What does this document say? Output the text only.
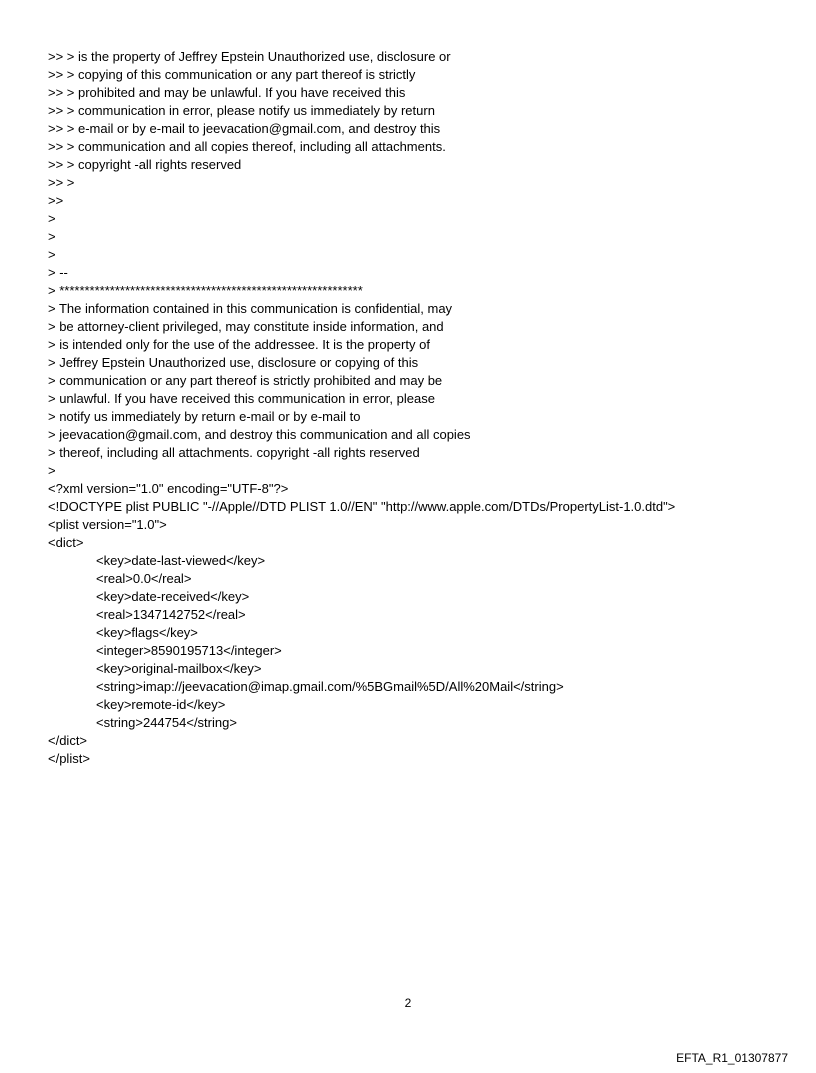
>> > is the property of Jeffrey Epstein Unauthorized use, disclosure or
>> > copying of this communication or any part thereof is strictly
>> > prohibited and may be unlawful. If you have received this
>> > communication in error, please notify us immediately by return
>> > e-mail or by e-mail to jeevacation@gmail.com, and destroy this
>> > communication and all copies thereof, including all attachments.
>> > copyright -all rights reserved
>> >
>>
>
>
>
> --
> ************************************************************
> The information contained in this communication is confidential, may
> be attorney-client privileged, may constitute inside information, and
> is intended only for the use of the addressee. It is the property of
> Jeffrey Epstein Unauthorized use, disclosure or copying of this
> communication or any part thereof is strictly prohibited and may be
> unlawful. If you have received this communication in error, please
> notify us immediately by return e-mail or by e-mail to
> jeevacation@gmail.com, and destroy this communication and all copies
> thereof, including all attachments. copyright -all rights reserved
>
<?xml version="1.0" encoding="UTF-8"?>
<!DOCTYPE plist PUBLIC "-//Apple//DTD PLIST 1.0//EN" "http://www.apple.com/DTDs/PropertyList-1.0.dtd">
<plist version="1.0">
<dict>
<key>date-last-viewed</key>
<real>0.0</real>
<key>date-received</key>
<real>1347142752</real>
<key>flags</key>
<integer>8590195713</integer>
<key>original-mailbox</key>
<string>imap://jeevacation@imap.gmail.com/%5BGmail%5D/All%20Mail</string>
<key>remote-id</key>
<string>244754</string>
</dict>
</plist>
2
EFTA_R1_01307877
